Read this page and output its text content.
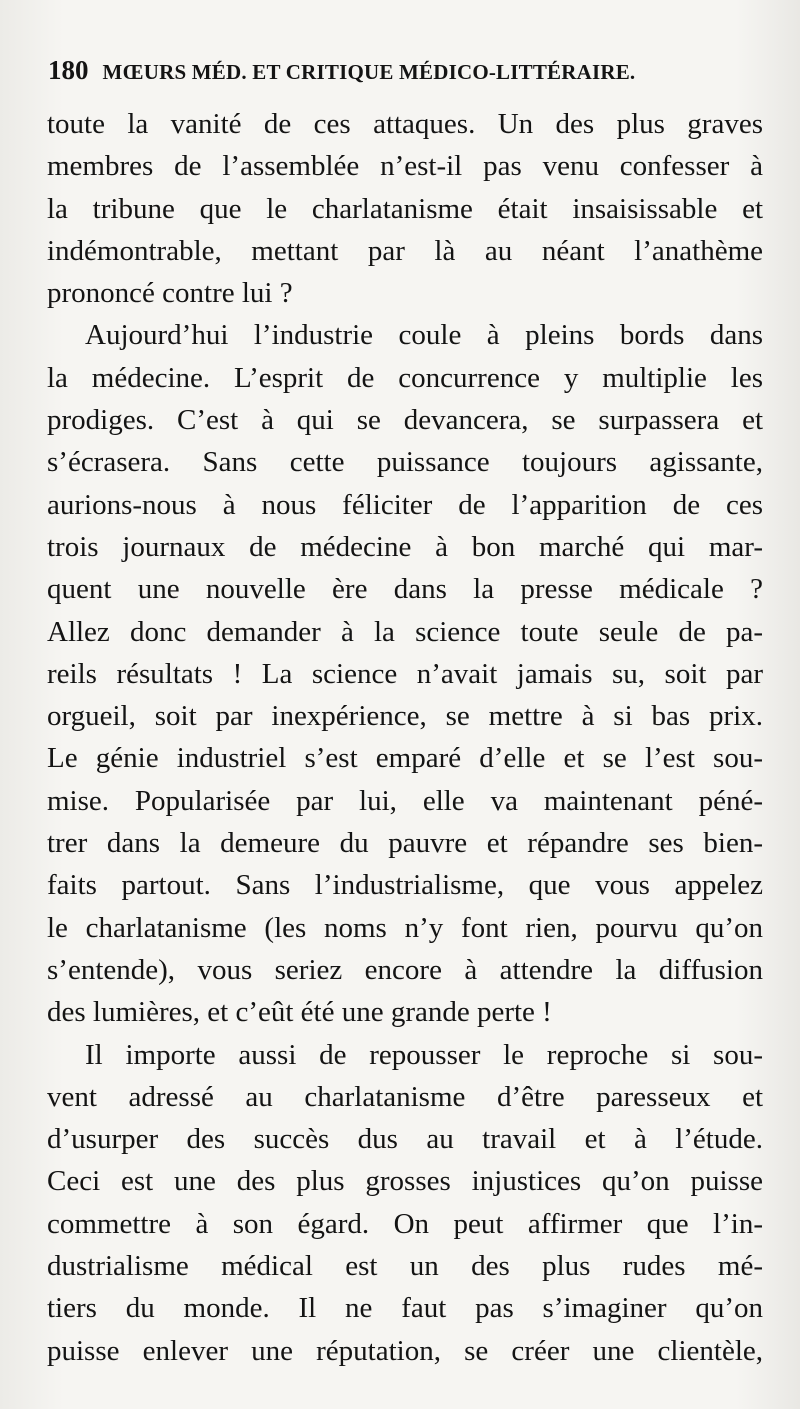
180 MŒURS MÉD. ET CRITIQUE MÉDICO-LITTÉRAIRE.
toute la vanité de ces attaques. Un des plus graves
membres de l’assemblée n’est-il pas venu confesser à
la tribune que le charlatanisme était insaisissable et
indémontrable, mettant par là au néant l’anathème
prononcé contre lui ?
Aujourd’hui l’industrie coule à pleins bords dans
la médecine. L’esprit de concurrence y multiplie les
prodiges. C’est à qui se devancera, se surpassera et
s’écrasera. Sans cette puissance toujours agissante,
aurions-nous à nous féliciter de l’apparition de ces
trois journaux de médecine à bon marché qui mar-
quent une nouvelle ère dans la presse médicale ?
Allez donc demander à la science toute seule de pa-
reils résultats ! La science n’avait jamais su, soit par
orgueil, soit par inexpérience, se mettre à si bas prix.
Le génie industriel s’est emparé d’elle et se l’est sou-
mise. Popularisée par lui, elle va maintenant péné-
trer dans la demeure du pauvre et répandre ses bien-
faits partout. Sans l’industrialisme, que vous appelez
le charlatanisme (les noms n’y font rien, pourvu qu’on
s’entende), vous seriez encore à attendre la diffusion
des lumières, et c’eût été une grande perte !
Il importe aussi de repousser le reproche si sou-
vent adressé au charlatanisme d’être paresseux et
d’usurper des succès dus au travail et à l’étude.
Ceci est une des plus grosses injustices qu’on puisse
commettre à son égard. On peut affirmer que l’in-
dustrialisme médical est un des plus rudes mé-
tiers du monde. Il ne faut pas s’imaginer qu’on
puisse enlever une réputation, se créer une clientèle,
